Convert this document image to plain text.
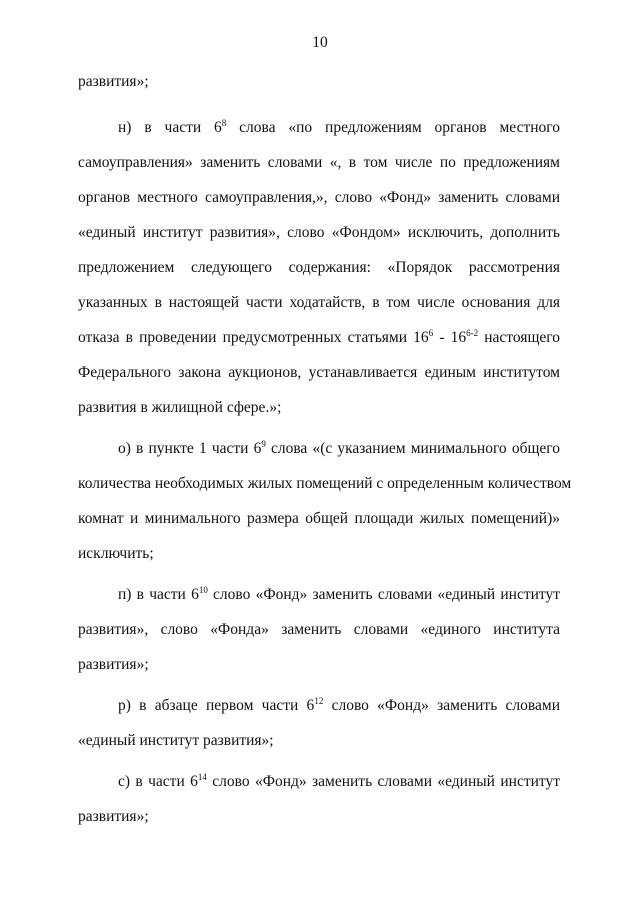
10
развития»;
н) в части $6^8$ слова «по предложениям органов местного
самоуправления» заменить словами «, в том числе по предложениям
органов местного самоуправления,», слово «Фонд» заменить словами
«единый институт развития», слово «Фондом» исключить, дополнить
предложением следующего содержания: «Порядок рассмотрения
указанных в настоящей части ходатайств, в том числе основания для
отказа в проведении предусмотренных статьями $16^6 - 16^{6-2}$ настоящего
Федерального закона аукционов, устанавливается единым институтом
развития в жилищной сфере.»;
о) в пункте 1 части $6^9$ слова «(с указанием минимального общего
количества необходимых жилых помещений с определенным количеством
комнат и минимального размера общей площади жилых помещений)»
исключить;
п) в части $6^{10}$ слово «Фонд» заменить словами «единый институт
развития», слово «Фонда» заменить словами «единого института
развития»;
р) в абзаце первом части $6^{12}$ слово «Фонд» заменить словами
«единый институт развития»;
с) в части $6^{14}$ слово «Фонд» заменить словами «единый институт
развития»;
